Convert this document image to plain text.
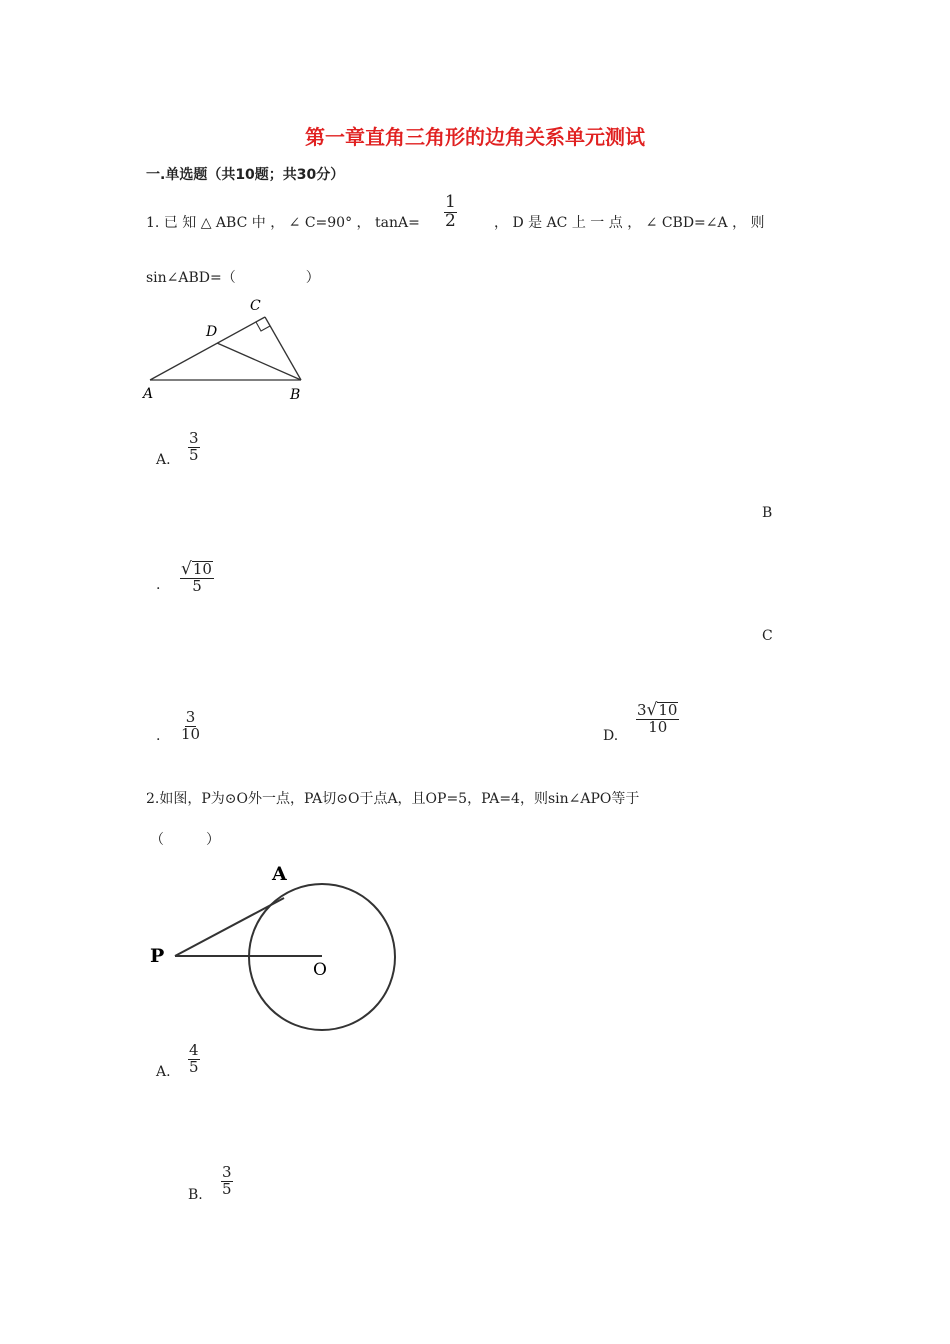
第一章直角三角形的边角关系单元测试
一.单选题（共10题；共30分）
1. 已 知 △ ABC 中 ， ∠ C=90° ， $\tan A= \frac{1}{2}$	， D 是 AC 上 一 点 ， ∠ CBD=∠A ， 则
sin∠ABD=（　　　　　）
A	B
C
D
A. $\frac{3}{5}$
B
. $\frac{√ 10}{5}$
C
. $\frac{3}{10}$	D.
$\frac{3 √ 10}{10}$
2.如图，P为⊙O外一点，PA切⊙O于点A，且OP=5，PA=4，则sin∠APO等于
（　　　）
A
P
O
A. $\frac{4}{5}$
B. $\frac{3}{5}$
